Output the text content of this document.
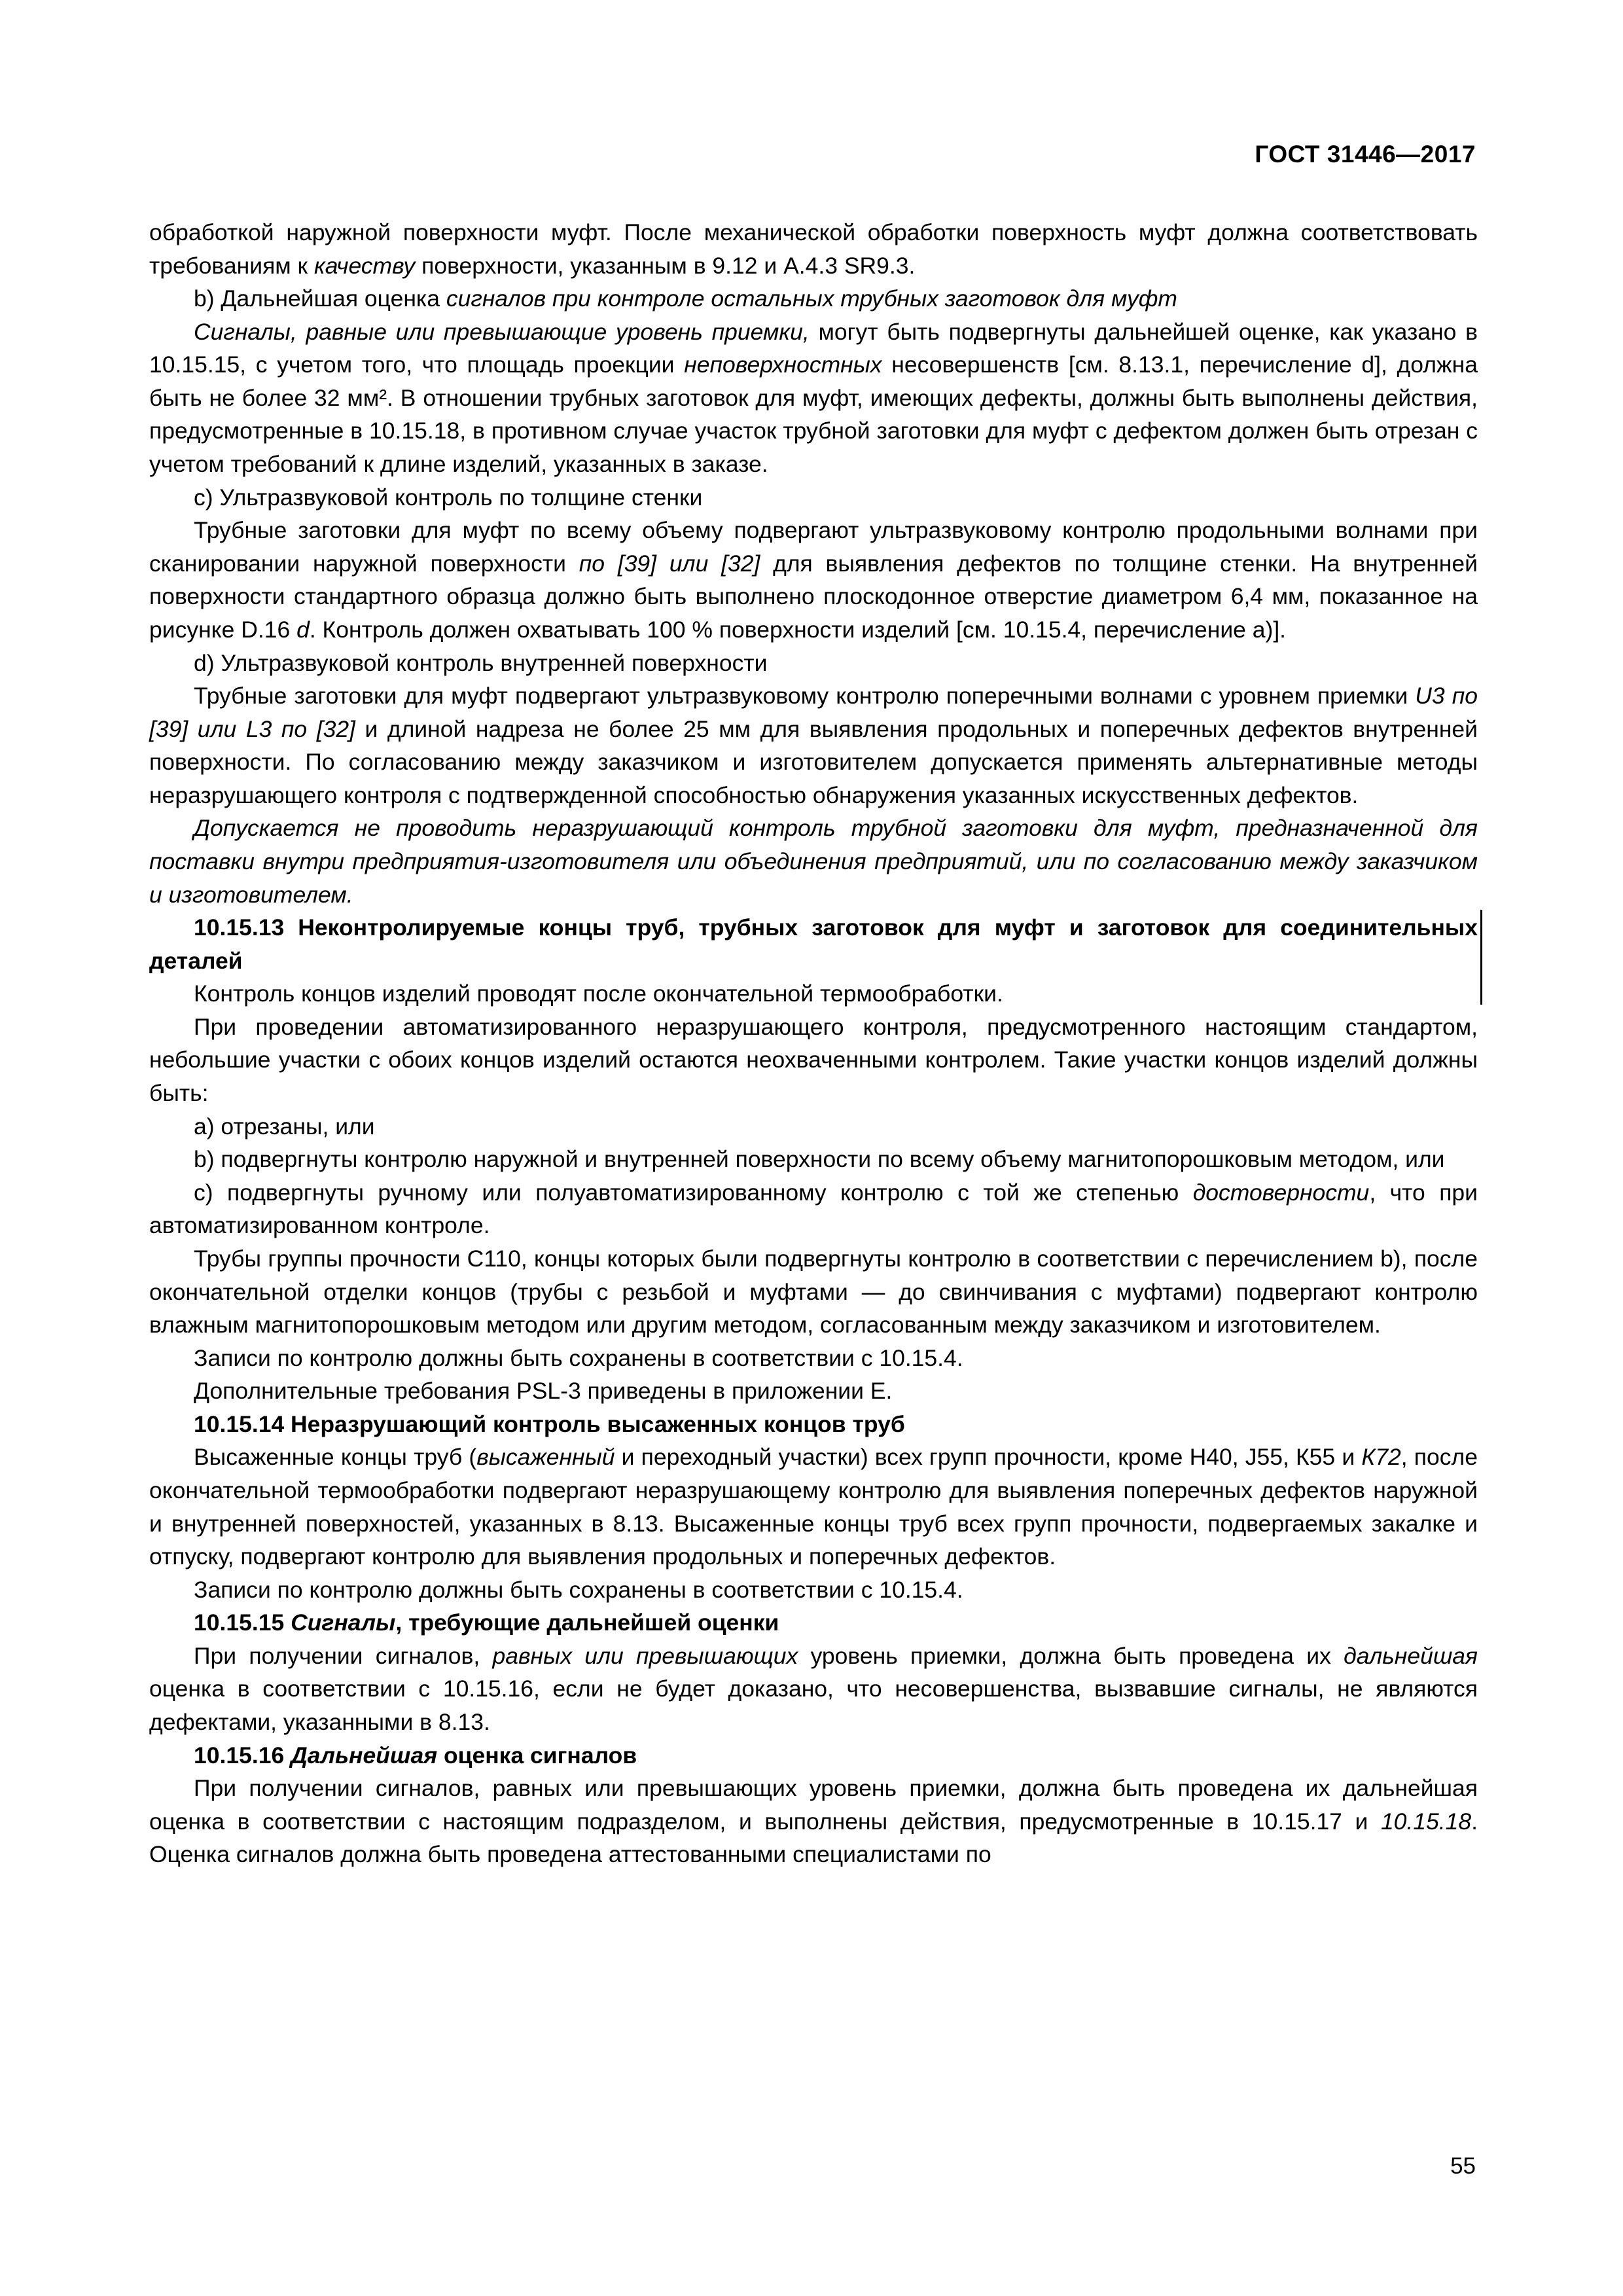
ГОСТ 31446—2017

обработкой наружной поверхности муфт. После механической обработки поверхность муфт должна соответствовать требованиям к качеству поверхности, указанным в 9.12 и А.4.3 SR9.3.

b) Дальнейшая оценка сигналов при контроле остальных трубных заготовок для муфт

Сигналы, равные или превышающие уровень приемки, могут быть подвергнуты дальнейшей оценке, как указано в 10.15.15, с учетом того, что площадь проекции неповерхностных несовершенств [см. 8.13.1, перечисление d], должна быть не более 32 мм². В отношении трубных заготовок для муфт, имеющих дефекты, должны быть выполнены действия, предусмотренные в 10.15.18, в противном случае участок трубной заготовки для муфт с дефектом должен быть отрезан с учетом требований к длине изделий, указанных в заказе.

c) Ультразвуковой контроль по толщине стенки

Трубные заготовки для муфт по всему объему подвергают ультразвуковому контролю продольными волнами при сканировании наружной поверхности по [39] или [32] для выявления дефектов по толщине стенки. На внутренней поверхности стандартного образца должно быть выполнено плоскодонное отверстие диаметром 6,4 мм, показанное на рисунке D.16 d. Контроль должен охватывать 100 % поверхности изделий [см. 10.15.4, перечисление a)].

d) Ультразвуковой контроль внутренней поверхности

Трубные заготовки для муфт подвергают ультразвуковому контролю поперечными волнами с уровнем приемки U3 по [39] или L3 по [32] и длиной надреза не более 25 мм для выявления продольных и поперечных дефектов внутренней поверхности. По согласованию между заказчиком и изготовителем допускается применять альтернативные методы неразрушающего контроля с подтвержденной способностью обнаружения указанных искусственных дефектов.

Допускается не проводить неразрушающий контроль трубной заготовки для муфт, предназначенной для поставки внутри предприятия-изготовителя или объединения предприятий, или по согласованию между заказчиком и изготовителем.

10.15.13 Неконтролируемые концы труб, трубных заготовок для муфт и заготовок для соединительных деталей

Контроль концов изделий проводят после окончательной термообработки.

При проведении автоматизированного неразрушающего контроля, предусмотренного настоящим стандартом, небольшие участки с обоих концов изделий остаются неохваченными контролем. Такие участки концов изделий должны быть:

a) отрезаны, или

b) подвергнуты контролю наружной и внутренней поверхности по всему объему магнитопорошковым методом, или

c) подвергнуты ручному или полуавтоматизированному контролю с той же степенью достоверности, что при автоматизированном контроле.

Трубы группы прочности С110, концы которых были подвергнуты контролю в соответствии с перечислением b), после окончательной отделки концов (трубы с резьбой и муфтами — до свинчивания с муфтами) подвергают контролю влажным магнитопорошковым методом или другим методом, согласованным между заказчиком и изготовителем.

Записи по контролю должны быть сохранены в соответствии с 10.15.4.

Дополнительные требования PSL-3 приведены в приложении Е.

10.15.14 Неразрушающий контроль высаженных концов труб

Высаженные концы труб (высаженный и переходный участки) всех групп прочности, кроме Н40, J55, К55 и К72, после окончательной термообработки подвергают неразрушающему контролю для выявления поперечных дефектов наружной и внутренней поверхностей, указанных в 8.13. Высаженные концы труб всех групп прочности, подвергаемых закалке и отпуску, подвергают контролю для выявления продольных и поперечных дефектов.

Записи по контролю должны быть сохранены в соответствии с 10.15.4.

10.15.15 Сигналы, требующие дальнейшей оценки

При получении сигналов, равных или превышающих уровень приемки, должна быть проведена их дальнейшая оценка в соответствии с 10.15.16, если не будет доказано, что несовершенства, вызвавшие сигналы, не являются дефектами, указанными в 8.13.

10.15.16 Дальнейшая оценка сигналов

При получении сигналов, равных или превышающих уровень приемки, должна быть проведена их дальнейшая оценка в соответствии с настоящим подразделом, и выполнены действия, предусмотренные в 10.15.17 и 10.15.18. Оценка сигналов должна быть проведена аттестованными специалистами по

55
